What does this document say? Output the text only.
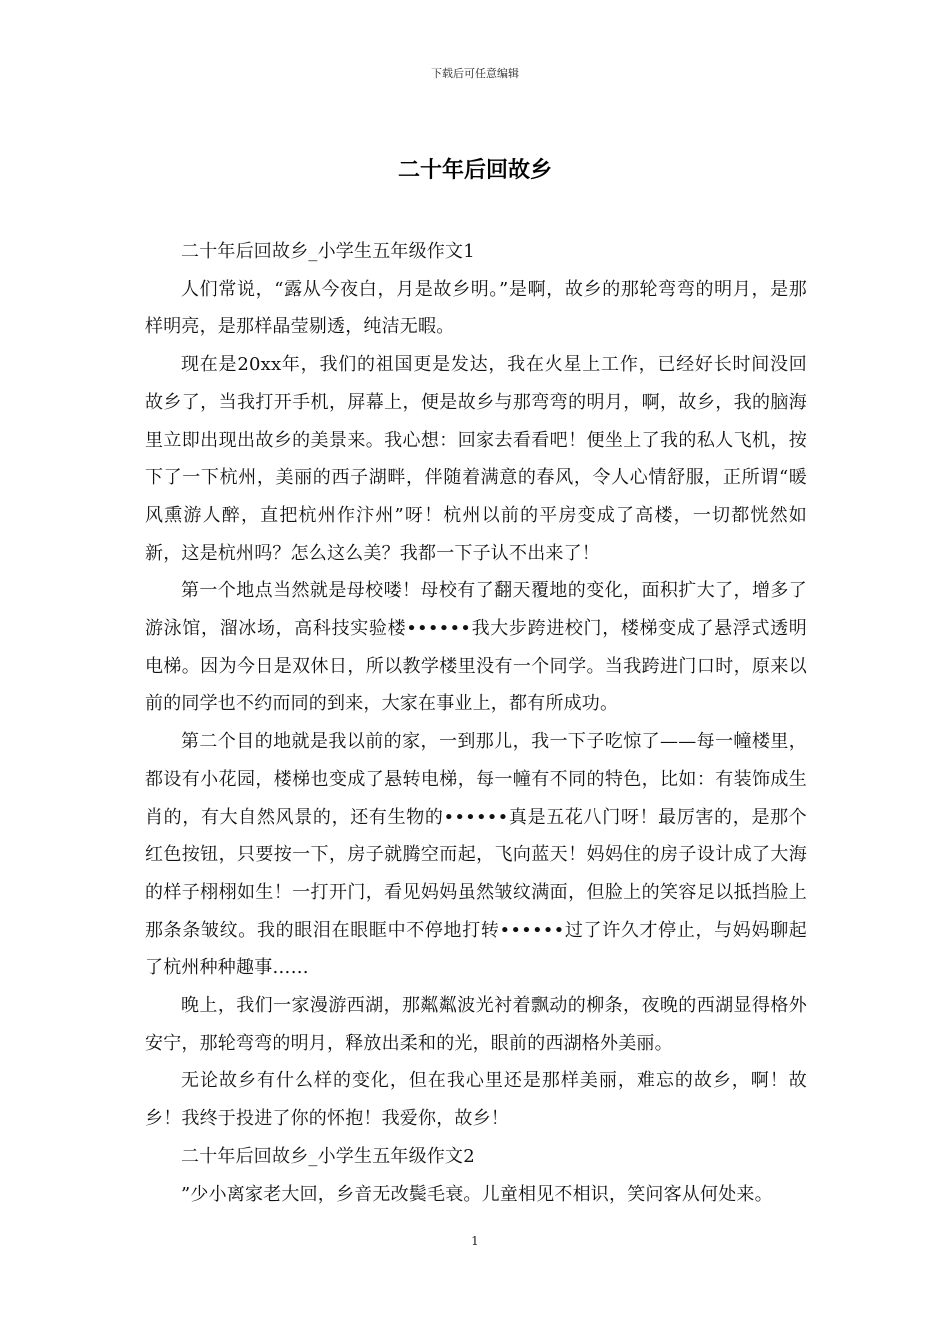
下载后可任意编辑
二十年后回故乡

二十年后回故乡_小学生五年级作文1

人们常说，“露从今夜白，月是故乡明。”是啊，故乡的那轮弯弯的明月，是那样明亮，是那样晶莹剔透，纯洁无暇。

现在是20xx年，我们的祖国更是发达，我在火星上工作，已经好长时间没回故乡了，当我打开手机，屏幕上，便是故乡与那弯弯的明月，啊，故乡，我的脑海里立即出现出故乡的美景来。我心想：回家去看看吧！便坐上了我的私人飞机，按下了一下杭州，美丽的西子湖畔，伴随着满意的春风，令人心情舒服，正所谓“暖风熏游人醉，直把杭州作汴州”呀！杭州以前的平房变成了高楼，一切都恍然如新，这是杭州吗？怎么这么美？我都一下子认不出来了！

第一个地点当然就是母校喽！母校有了翻天覆地的变化，面积扩大了，增多了游泳馆，溜冰场，高科技实验楼••••••我大步跨进校门，楼梯变成了悬浮式透明电梯。因为今日是双休日，所以教学楼里没有一个同学。当我跨进门口时，原来以前的同学也不约而同的到来，大家在事业上，都有所成功。

第二个目的地就是我以前的家，一到那儿，我一下子吃惊了——每一幢楼里，都设有小花园，楼梯也变成了悬转电梯，每一幢有不同的特色，比如：有装饰成生肖的，有大自然风景的，还有生物的••••••真是五花八门呀！最厉害的，是那个红色按钮，只要按一下，房子就腾空而起，飞向蓝天！妈妈住的房子设计成了大海的样子栩栩如生！一打开门，看见妈妈虽然皱纹满面，但脸上的笑容足以抵挡脸上那条条皱纹。我的眼泪在眼眶中不停地打转••••••过了许久才停止，与妈妈聊起了杭州种种趣事……

晚上，我们一家漫游西湖，那粼粼波光衬着飘动的柳条，夜晚的西湖显得格外安宁，那轮弯弯的明月，释放出柔和的光，眼前的西湖格外美丽。

无论故乡有什么样的变化，但在我心里还是那样美丽，难忘的故乡，啊！故乡！我终于投进了你的怀抱！我爱你，故乡！

二十年后回故乡_小学生五年级作文2

”少小离家老大回，乡音无改鬓毛衰。儿童相见不相识，笑问客从何处来。

1
